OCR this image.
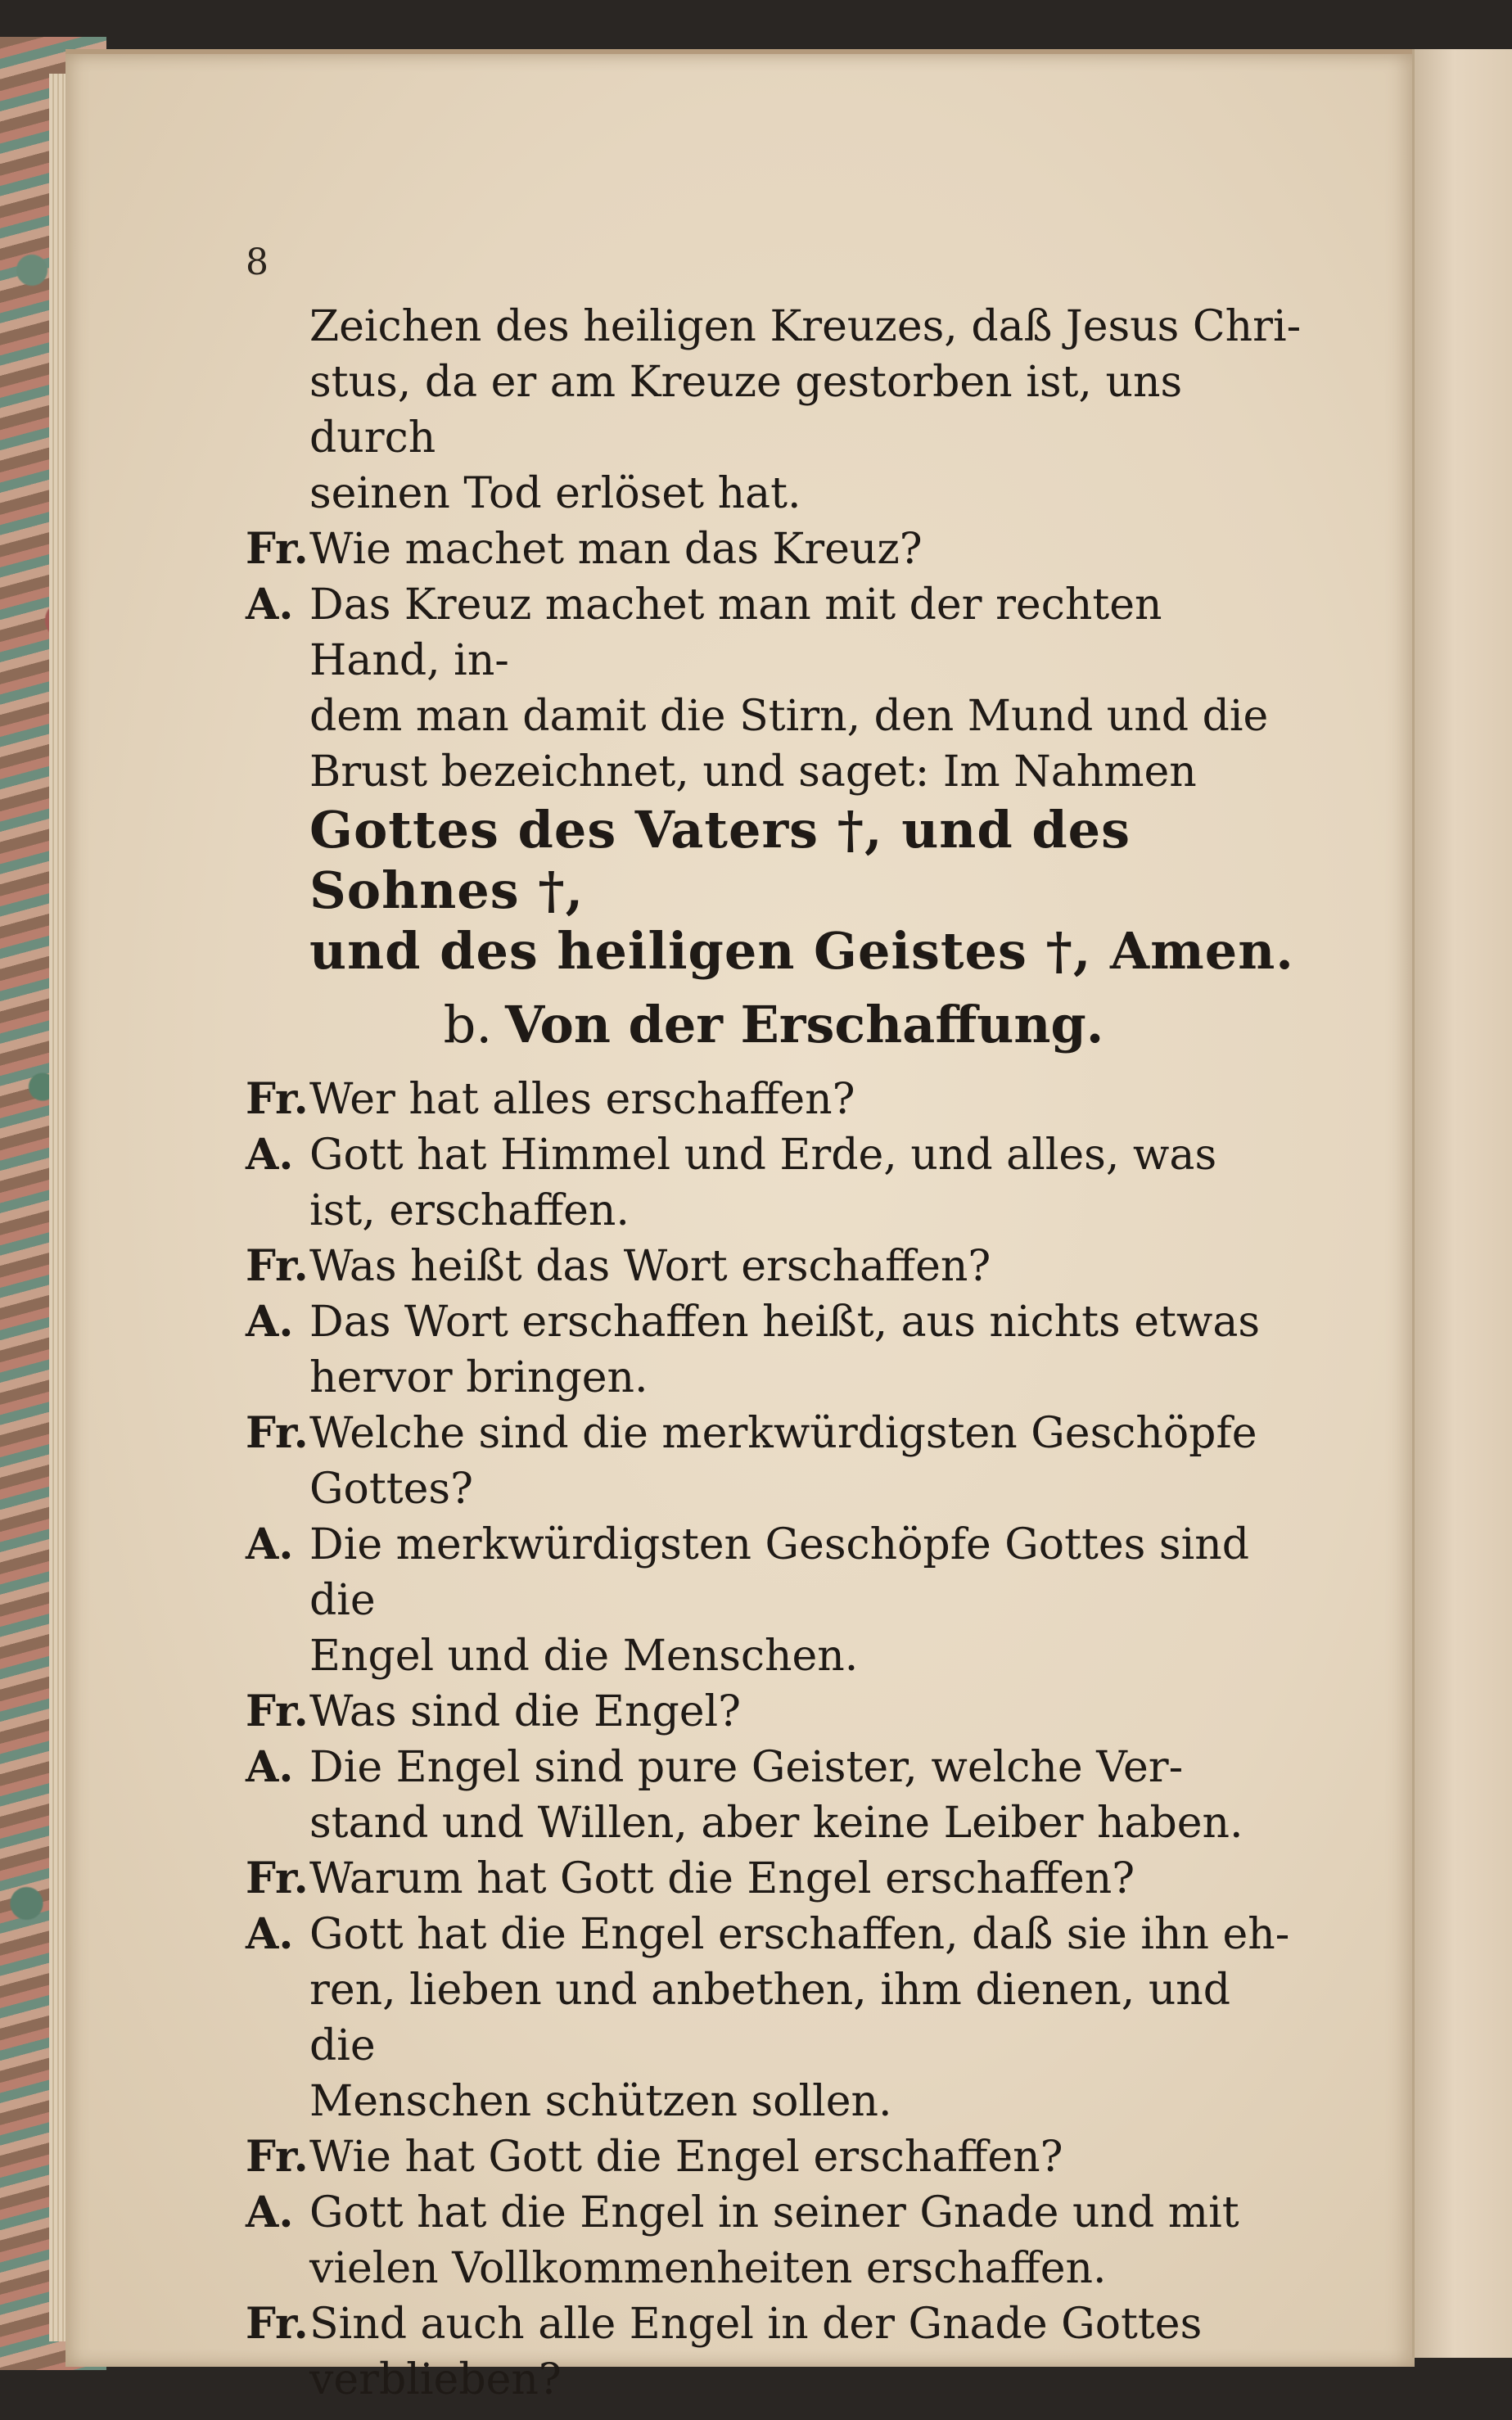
8
Zeichen des heiligen Kreuzes, daß Jesus Chri-
stus, da er am Kreuze gestorben ist, uns durch
seinen Tod erlöset hat.
Fr. Wie machet man das Kreuz?
A. Das Kreuz machet man mit der rechten Hand, in-
dem man damit die Stirn, den Mund und die
Brust bezeichnet, und saget: Im Nahmen
Gottes des Vaters †, und des Sohnes †,
und des heiligen Geistes †, Amen.
b. Von der Erschaffung.
Fr. Wer hat alles erschaffen?
A. Gott hat Himmel und Erde, und alles, was
ist, erschaffen.
Fr. Was heißt das Wort erschaffen?
A. Das Wort erschaffen heißt, aus nichts etwas
hervor bringen.
Fr. Welche sind die merkwürdigsten Geschöpfe
Gottes?
A. Die merkwürdigsten Geschöpfe Gottes sind die
Engel und die Menschen.
Fr. Was sind die Engel?
A. Die Engel sind pure Geister, welche Ver-
stand und Willen, aber keine Leiber haben.
Fr. Warum hat Gott die Engel erschaffen?
A. Gott hat die Engel erschaffen, daß sie ihn eh-
ren, lieben und anbethen, ihm dienen, und die
Menschen schützen sollen.
Fr. Wie hat Gott die Engel erschaffen?
A. Gott hat die Engel in seiner Gnade und mit
vielen Vollkommenheiten erschaffen.
Fr. Sind auch alle Engel in der Gnade Gottes
verblieben?
